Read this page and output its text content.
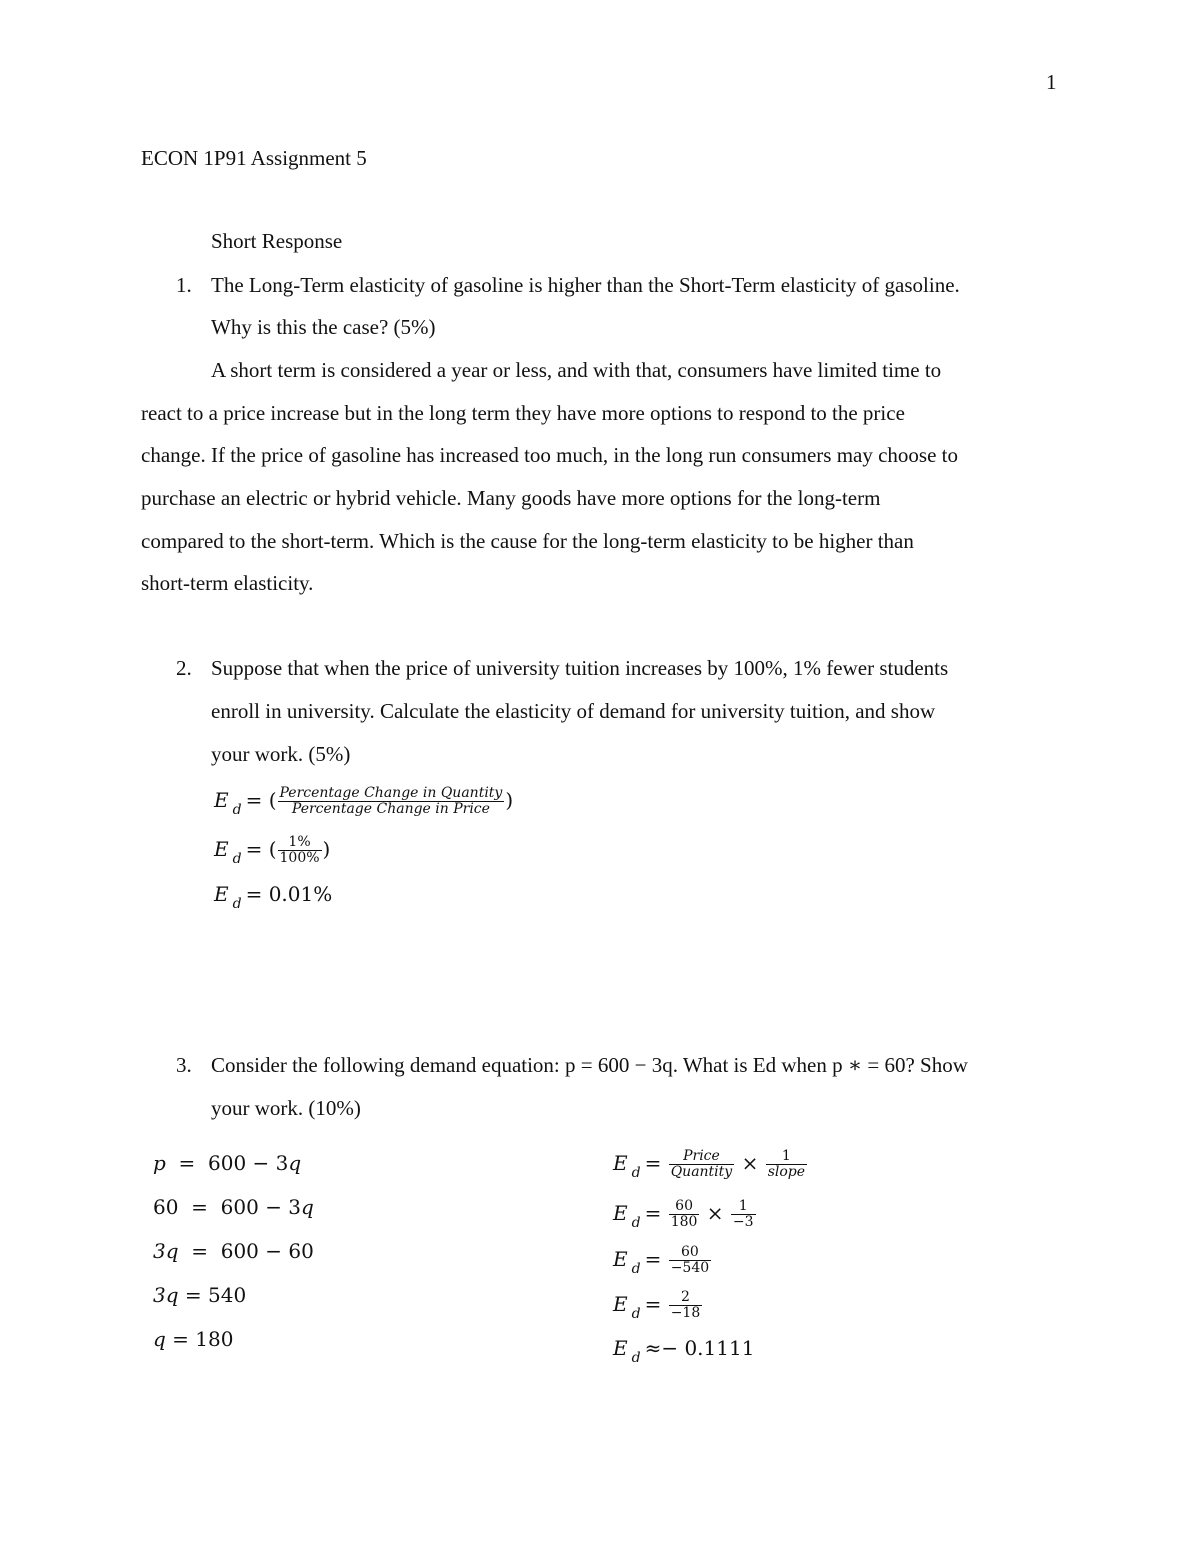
1
ECON 1P91 Assignment 5
Short Response
1. The Long-Term elasticity of gasoline is higher than the Short-Term elasticity of gasoline.
Why is this the case? (5%)
A short term is considered a year or less, and with that, consumers have limited time to
react to a price increase but in the long term they have more options to respond to the price
change. If the price of gasoline has increased too much, in the long run consumers may choose to
purchase an electric or hybrid vehicle. Many goods have more options for the long-term
compared to the short-term. Which is the cause for the long-term elasticity to be higher than
short-term elasticity.
2. Suppose that when the price of university tuition increases by 100%, 1% fewer students
enroll in university. Calculate the elasticity of demand for university tuition, and show
your work. (5%)
E $_d$ = ( $\frac{\text{Percentage Change in Quantity}}{\text{Percentage Change in Price}}$ )
E $_d$ = ( $\frac{1\%}{100\%}$ )
E $_d$ = 0.01%
3. Consider the following demand equation: p = 600 − 3q. What is Ed when p ∗ = 60? Show
your work. (10%)
p = 600 − 3q
60 = 600 − 3q
3q = 600 − 60
3q = 540
q = 180
E $_d = \frac{\text{Price}}{\text{Quantity}} \times \frac{1}{\text{slope}}$
E $_d = \frac{60}{180} \times \frac{1}{-3}$
E $_d = \frac{60}{-540}$
E $_d = \frac{2}{-18}$
E $_d$ ≈− 0.1111
